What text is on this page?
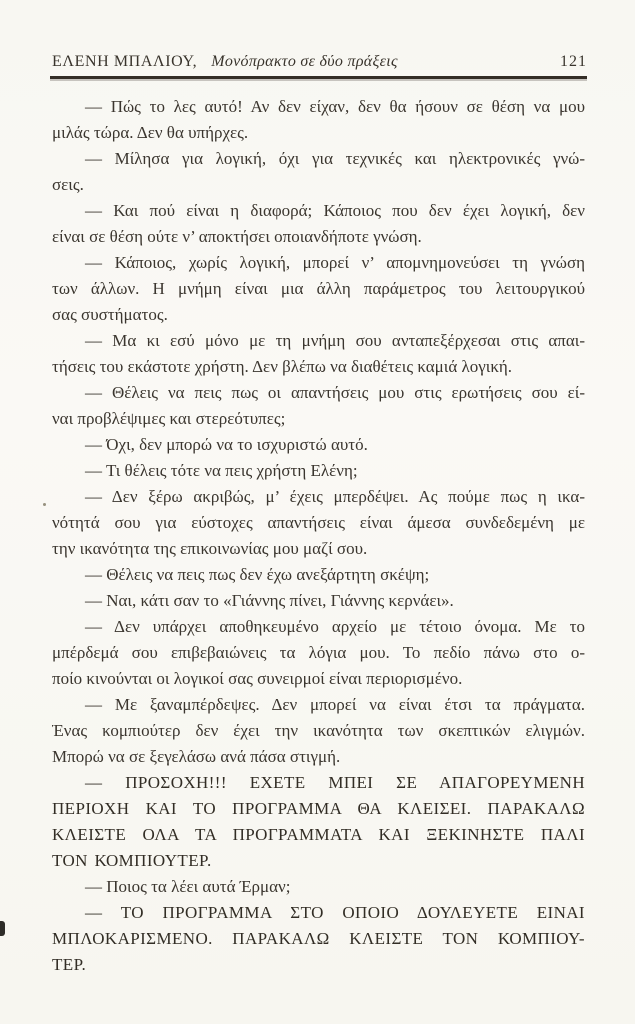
ΕΛΕΝΗ ΜΠΑΛΙΟΥ, Μονόπρακτο σε δύο πράξεις	121
— Πώς το λες αυτό! Αν δεν είχαν, δεν θα ήσουν σε θέση να μου
μιλάς τώρα. Δεν θα υπήρχες.
— Μίλησα για λογική, όχι για τεχνικές και ηλεκτρονικές γνώ-
σεις.
— Και πού είναι η διαφορά; Κάποιος που δεν έχει λογική, δεν
είναι σε θέση ούτε ν’ αποκτήσει οποιανδήποτε γνώση.
— Κάποιος, χωρίς λογική, μπορεί ν’ απομνημονεύσει τη γνώση
των άλλων. Η μνήμη είναι μια άλλη παράμετρος του λειτουργικού
σας συστήματος.
— Μα κι εσύ μόνο με τη μνήμη σου ανταπεξέρχεσαι στις απαι-
τήσεις του εκάστοτε χρήστη. Δεν βλέπω να διαθέτεις καμιά λογική.
— Θέλεις να πεις πως οι απαντήσεις μου στις ερωτήσεις σου εί-
ναι προβλέψιμες και στερεότυπες;
— Όχι, δεν μπορώ να το ισχυριστώ αυτό.
— Τι θέλεις τότε να πεις χρήστη Ελένη;
— Δεν ξέρω ακριβώς, μ’ έχεις μπερδέψει. Ας πούμε πως η ικα-
νότητά σου για εύστοχες απαντήσεις είναι άμεσα συνδεδεμένη με
την ικανότητα της επικοινωνίας μου μαζί σου.
— Θέλεις να πεις πως δεν έχω ανεξάρτητη σκέψη;
— Ναι, κάτι σαν το «Γιάννης πίνει, Γιάννης κερνάει».
— Δεν υπάρχει αποθηκευμένο αρχείο με τέτοιο όνομα. Με το
μπέρδεμά σου επιβεβαιώνεις τα λόγια μου. Το πεδίο πάνω στο ο-
ποίο κινούνται οι λογικοί σας συνειρμοί είναι περιορισμένο.
— Με ξαναμπέρδεψες. Δεν μπορεί να είναι έτσι τα πράγματα.
Ένας κομπιούτερ δεν έχει την ικανότητα των σκεπτικών ελιγμών.
Μπορώ να σε ξεγελάσω ανά πάσα στιγμή.
— ΠΡΟΣΟΧΗ!!! ΕΧΕΤΕ ΜΠΕΙ ΣΕ ΑΠΑΓΟΡΕΥΜΕΝΗ
ΠΕΡΙΟΧΗ ΚΑΙ ΤΟ ΠΡΟΓΡΑΜΜΑ ΘΑ ΚΛΕΙΣΕΙ. ΠΑΡΑΚΑΛΩ
ΚΛΕΙΣΤΕ ΟΛΑ ΤΑ ΠΡΟΓΡΑΜΜΑΤΑ ΚΑΙ ΞΕΚΙΝΗΣΤΕ ΠΑΛΙ
ΤΟΝ ΚΟΜΠΙΟΥΤΕΡ.
— Ποιος τα λέει αυτά Έρμαν;
— ΤΟ ΠΡΟΓΡΑΜΜΑ ΣΤΟ ΟΠΟΙΟ ΔΟΥΛΕΥΕΤΕ ΕΙΝΑΙ
ΜΠΛΟΚΑΡΙΣΜΕΝΟ. ΠΑΡΑΚΑΛΩ ΚΛΕΙΣΤΕ ΤΟΝ ΚΟΜΠΙΟΥ-
ΤΕΡ.
